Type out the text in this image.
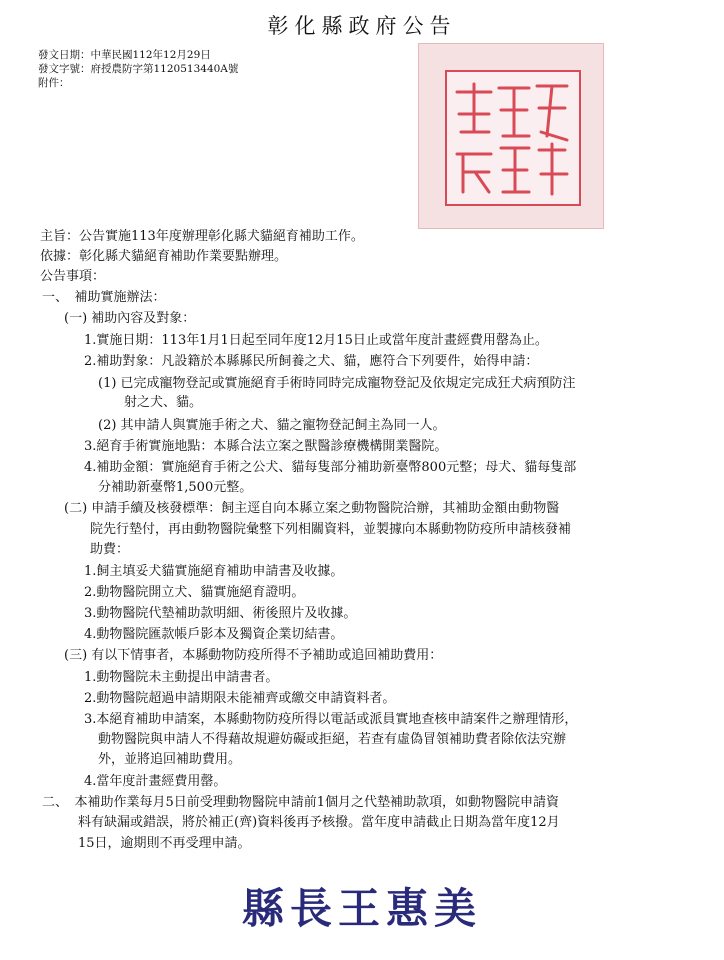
彰化縣政府公告
發文日期：中華民國112年12月29日
發文字號：府授農防字第1120513440A號
附件：
主旨：公告實施113年度辦理彰化縣犬貓絕育補助工作。
依據：彰化縣犬貓絕育補助作業要點辦理。
公告事項：
一、　補助實施辦法：
(一) 補助內容及對象：
1.實施日期：113年1月1日起至同年度12月15日止或當年度計畫經費用罄為止。
2.補助對象：凡設籍於本縣縣民所飼養之犬、貓，應符合下列要件，始得申請：
(1) 已完成寵物登記或實施絕育手術時同時完成寵物登記及依規定完成狂犬病預防注
射之犬、貓。
(2) 其申請人與實施手術之犬、貓之寵物登記飼主為同一人。
3.絕育手術實施地點：本縣合法立案之獸醫診療機構開業醫院。
4.補助金額：實施絕育手術之公犬、貓每隻部分補助新臺幣800元整；母犬、貓每隻部
分補助新臺幣1,500元整。
(二) 申請手續及核發標準：飼主逕自向本縣立案之動物醫院洽辦，其補助金額由動物醫
院先行墊付，再由動物醫院彙整下列相關資料，並製據向本縣動物防疫所申請核發補
助費：
1.飼主填妥犬貓實施絕育補助申請書及收據。
2.動物醫院開立犬、貓實施絕育證明。
3.動物醫院代墊補助款明細、術後照片及收據。
4.動物醫院匯款帳戶影本及獨資企業切結書。
(三) 有以下情事者，本縣動物防疫所得不予補助或追回補助費用：
1.動物醫院未主動提出申請書者。
2.動物醫院超過申請期限未能補齊或繳交申請資料者。
3.本絕育補助申請案，本縣動物防疫所得以電話或派員實地查核申請案件之辦理情形，
動物醫院與申請人不得藉故規避妨礙或拒絕，若查有虛偽冒領補助費者除依法究辦
外，並將追回補助費用。
4.當年度計畫經費用罄。
二、　本補助作業每月5日前受理動物醫院申請前1個月之代墊補助款項，如動物醫院申請資
料有缺漏或錯誤，將於補正(齊)資料後再予核撥。當年度申請截止日期為當年度12月
15日，逾期則不再受理申請。
縣長王惠美
